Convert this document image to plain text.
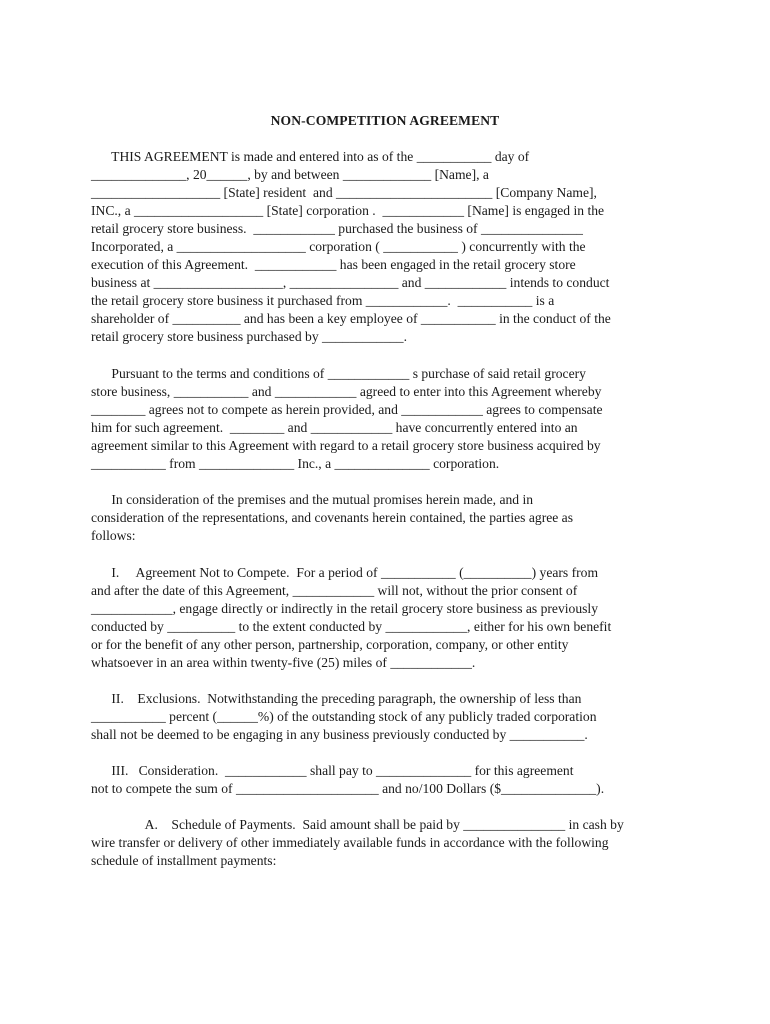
NON-COMPETITION AGREEMENT
THIS AGREEMENT is made and entered into as of the ___________ day of
______________, 20______, by and between _____________ [Name], a
___________________ [State] resident  and _______________________ [Company Name],
INC., a ___________________ [State] corporation .  ____________ [Name] is engaged in the
retail grocery store business.  ____________ purchased the business of _______________
Incorporated, a ___________________ corporation ( ___________ ) concurrently with the
execution of this Agreement.  ____________ has been engaged in the retail grocery store
business at ___________________, ________________ and ____________ intends to conduct
the retail grocery store business it purchased from ____________.  ___________ is a
shareholder of __________ and has been a key employee of ___________ in the conduct of the
retail grocery store business purchased by ____________.
Pursuant to the terms and conditions of ____________ s purchase of said retail grocery
store business, ___________ and ____________ agreed to enter into this Agreement whereby
________ agrees not to compete as herein provided, and ____________ agrees to compensate
him for such agreement.  ________ and ____________ have concurrently entered into an
agreement similar to this Agreement with regard to a retail grocery store business acquired by
___________ from ______________ Inc., a ______________ corporation.
In consideration of the premises and the mutual promises herein made, and in
consideration of the representations, and covenants herein contained, the parties agree as
follows:
I.     Agreement Not to Compete.  For a period of ___________ (__________) years from
and after the date of this Agreement, ____________ will not, without the prior consent of
____________, engage directly or indirectly in the retail grocery store business as previously
conducted by __________ to the extent conducted by ____________, either for his own benefit
or for the benefit of any other person, partnership, corporation, company, or other entity
whatsoever in an area within twenty-five (25) miles of ____________.
II.    Exclusions.  Notwithstanding the preceding paragraph, the ownership of less than
___________ percent (______%) of the outstanding stock of any publicly traded corporation
shall not be deemed to be engaging in any business previously conducted by ___________.
III.   Consideration.  ____________ shall pay to ______________ for this agreement
not to compete the sum of _____________________ and no/100 Dollars ($______________).
A.    Schedule of Payments.  Said amount shall be paid by _______________ in cash by
wire transfer or delivery of other immediately available funds in accordance with the following
schedule of installment payments:
